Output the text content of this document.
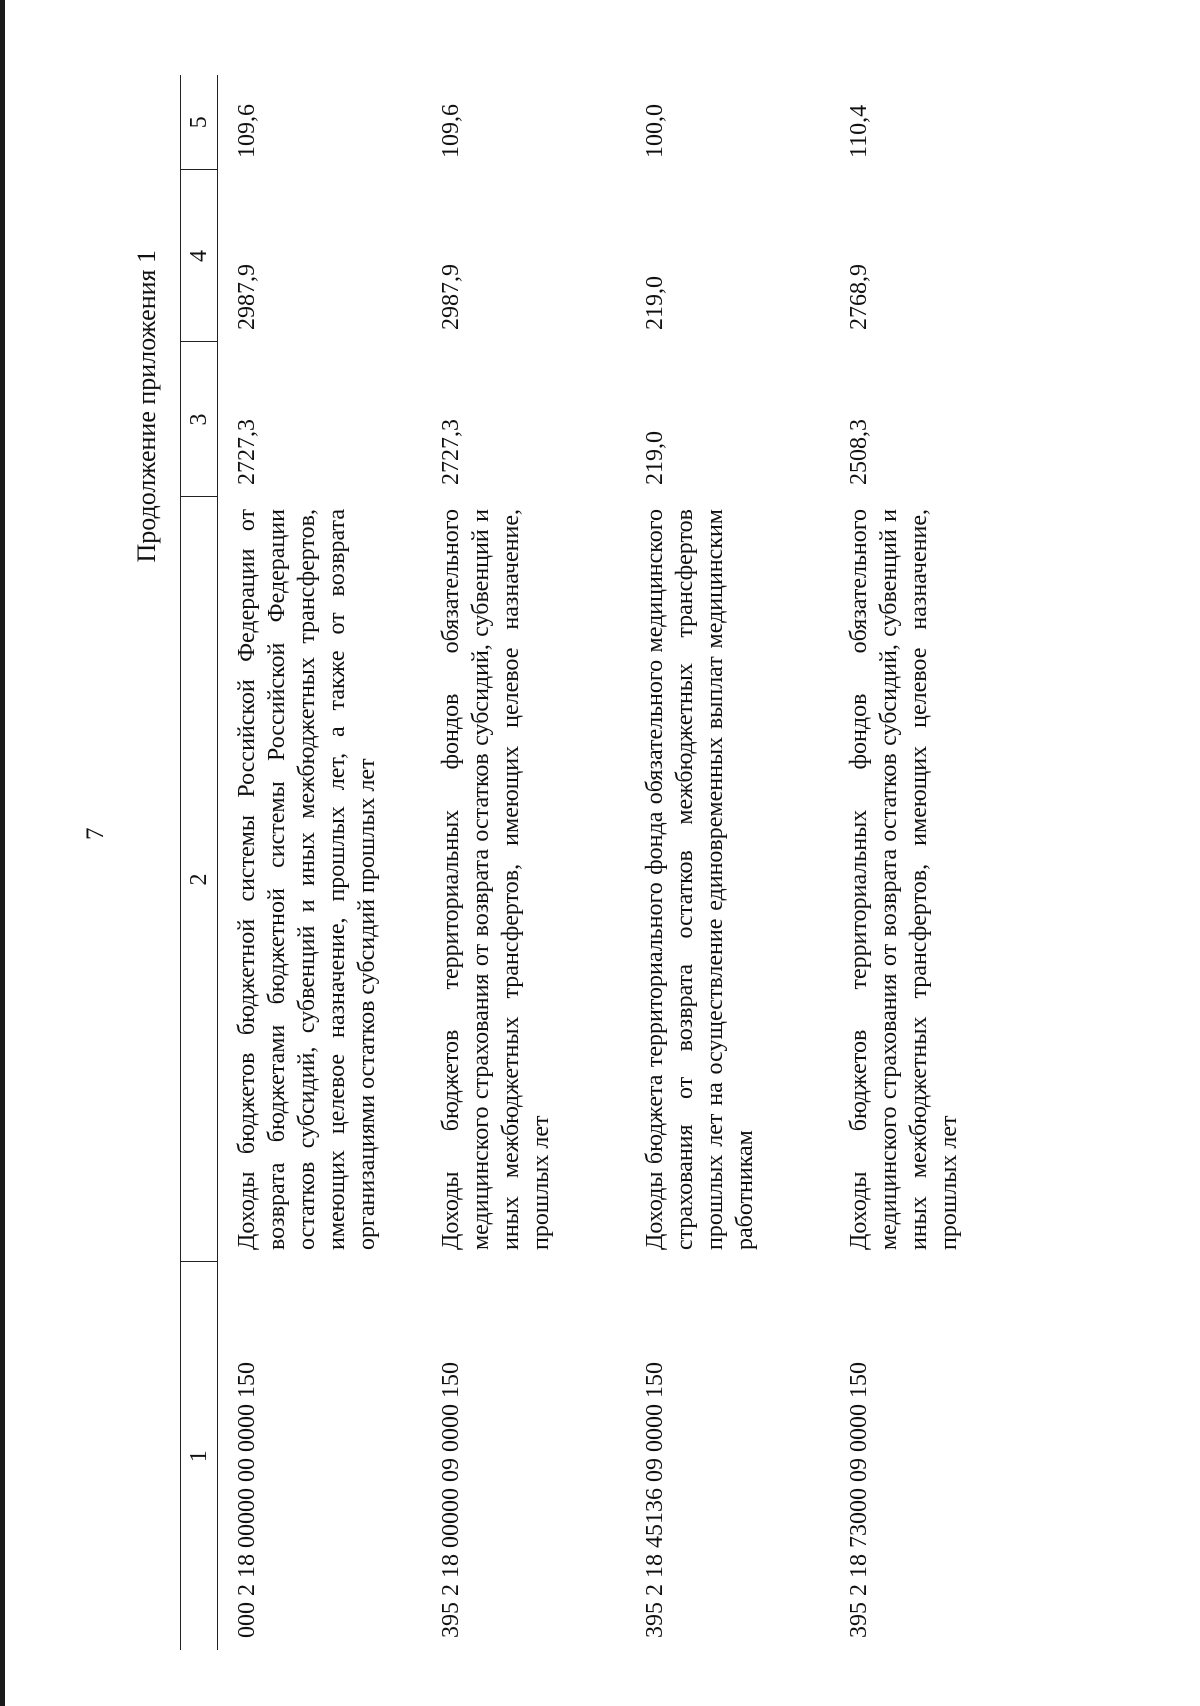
7
Продолжение приложения 1
1	2	3	4	5
000 2 18 00000 00 0000 150	Доходы бюджетов бюджетной системы Российской Федерации от возврата бюджетами бюджетной системы Российской Федерации остатков субсидий, субвенций и иных межбюджетных трансфертов, имеющих целевое назначение, прошлых лет, а также от возврата организациями остатков субсидий прошлых лет	2727,3	2987,9	109,6
395 2 18 00000 09 0000 150	Доходы бюджетов территориальных фондов обязательного медицинского страхования от возврата остатков субсидий, субвенций и иных межбюджетных трансфертов, имеющих целевое назначение, прошлых лет	2727,3	2987,9	109,6
395 2 18 45136 09 0000 150	Доходы бюджета территориального фонда обязательного медицинского страхования от возврата остатков межбюджетных трансфертов прошлых лет на осуществление единовременных выплат медицинским работникам	219,0	219,0	100,0
395 2 18 73000 09 0000 150	Доходы бюджетов территориальных фондов обязательного медицинского страхования от возврата остатков субсидий, субвенций и иных межбюджетных трансфертов, имеющих целевое назначение, прошлых лет	2508,3	2768,9	110,4
